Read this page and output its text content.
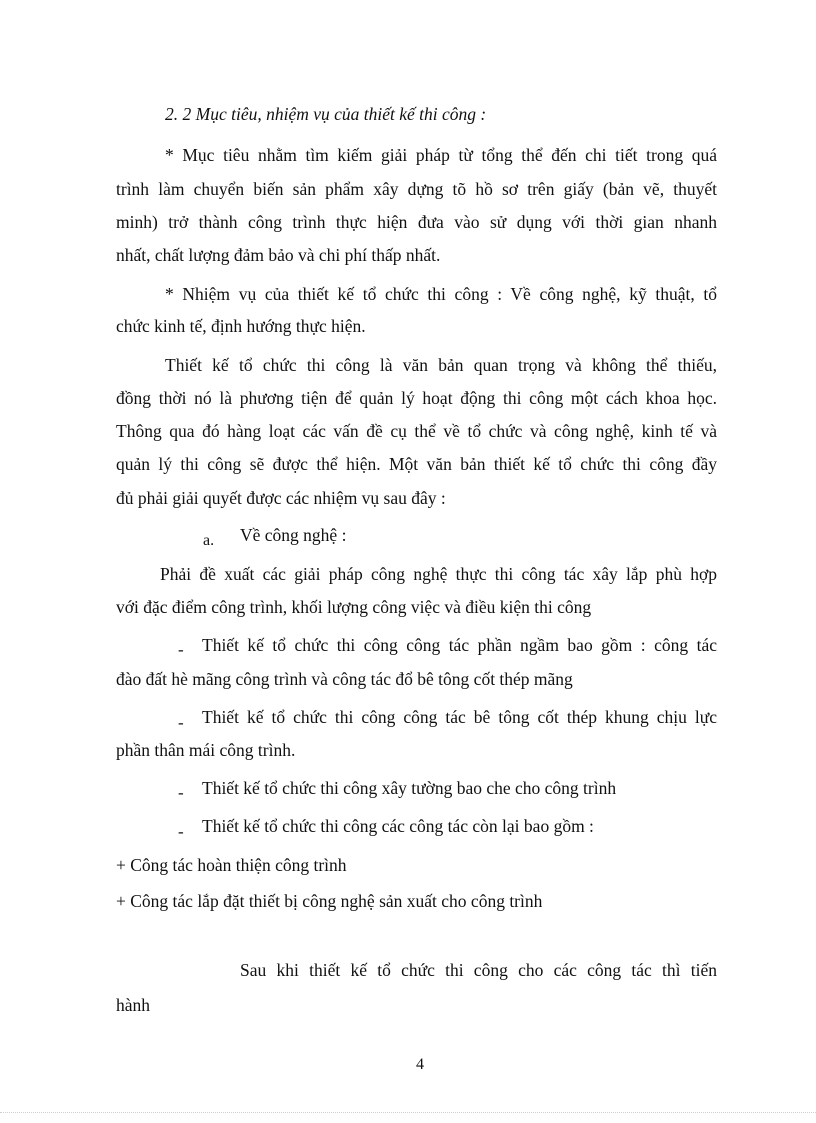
2. 2 Mục tiêu, nhiệm vụ của thiết kế thi công :
* Mục tiêu nhằm tìm kiếm giải pháp từ tổng thể đến chi tiết trong quá
trình làm chuyển biến sản phẩm xây dựng tõ hồ sơ trên giấy (bản vẽ, thuyết
minh) trở thành công trình thực hiện đưa vào sử dụng với thời gian nhanh
nhất, chất lượng đảm bảo và chi phí thấp nhất.
* Nhiệm vụ của thiết kế tổ chức thi công : Về công nghệ, kỹ thuật, tổ
chức kinh tế, định hướng thực hiện.
Thiết kế tổ chức thi công là văn bản quan trọng và không thể thiếu,
đồng thời nó là phương tiện để quản lý hoạt động thi công một cách khoa học.
Thông qua đó hàng loạt các vấn đề cụ thể về tổ chức và công nghệ, kinh tế và
quản lý thi công sẽ được thể hiện. Một văn bản thiết kế tổ chức thi công đầy
đủ phải giải quyết được các nhiệm vụ sau đây :
a. Về công nghệ :
Phải đề xuất các giải pháp công nghệ thực thi công tác xây lắp phù hợp
với đặc điểm công trình, khối lượng công việc và điều kiện thi công
- Thiết kế tổ chức thi công công tác phần ngầm bao gồm : công tác
đào đất hè mãng công trình và công tác đổ bê tông cốt thép mãng
- Thiết kế tổ chức thi công công tác bê tông cốt thép khung chịu lực
phần thân mái công trình.
- Thiết kế tổ chức thi công xây tường bao che cho công trình
- Thiết kế tổ chức thi công các công tác còn lại bao gồm :
+ Công tác hoàn thiện công trình
+ Công tác lắp đặt thiết bị công nghệ sản xuất cho công trình
Sau khi thiết kế tổ chức thi công cho các công tác thì tiến
hành
4
